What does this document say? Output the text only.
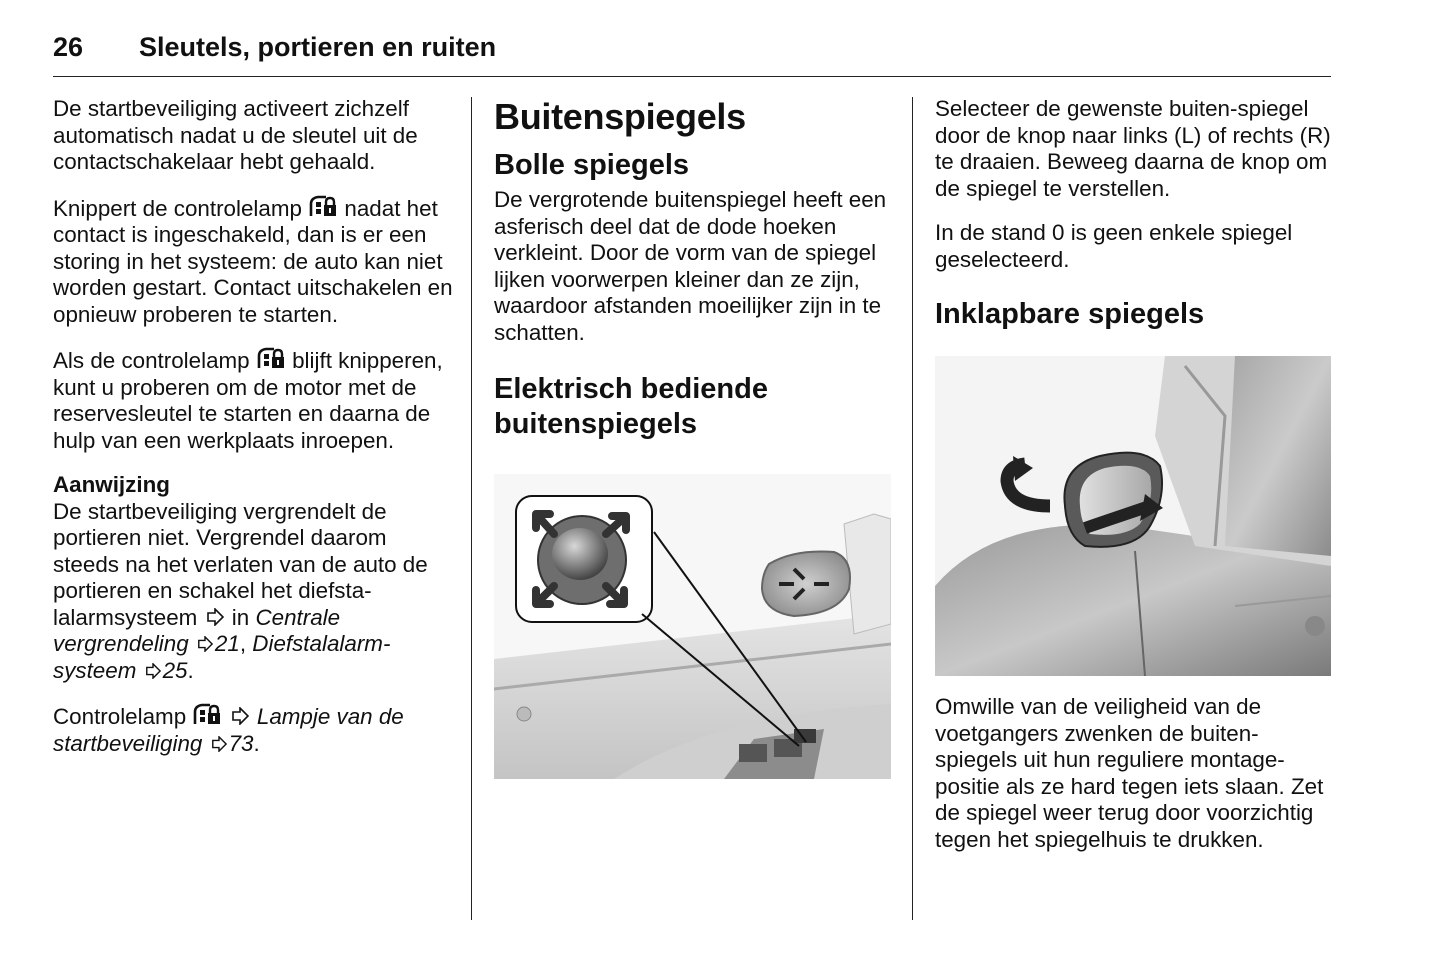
26 Sleutels, portieren en ruiten

De startbeveiliging activeert zichzelf automatisch nadat u de sleutel uit de contactschakelaar hebt gehaald.

Knippert de controlelamp nadat het contact is ingeschakeld, dan is er een storing in het systeem: de auto kan niet worden gestart. Contact uitschakelen en opnieuw proberen te starten.

Als de controlelamp blijft knipperen, kunt u proberen om de motor met de reservesleutel te starten en daarna de hulp van een werkplaats inroepen.

Aanwijzing

De startbeveiliging vergrendelt de portieren niet. Vergrendel daarom steeds na het verlaten van de auto de portieren en schakel het diefsta-lalarmsysteem in Centrale vergrendeling 21, Diefstalalarm-systeem 25.

Controlelamp	Lampje van de startbeveiliging 73.

Buitenspiegels
Bolle spiegels

De vergrotende buitenspiegel heeft een asferisch deel dat de dode hoeken verkleint. Door de vorm van de spiegel lijken voorwerpen kleiner dan ze zijn, waardoor afstanden moeilijker zijn in te schatten.

Elektrisch bediende buitenspiegels

Selecteer de gewenste buiten-spiegel door de knop naar links (L) of rechts (R) te draaien. Beweeg daarna de knop om de spiegel te verstellen.

In de stand 0 is geen enkele spiegel geselecteerd.

Inklapbare spiegels

Omwille van de veiligheid van de voetgangers zwenken de buiten-spiegels uit hun reguliere montage-positie als ze hard tegen iets slaan. Zet de spiegel weer terug door voorzichtig tegen het spiegelhuis te drukken.
